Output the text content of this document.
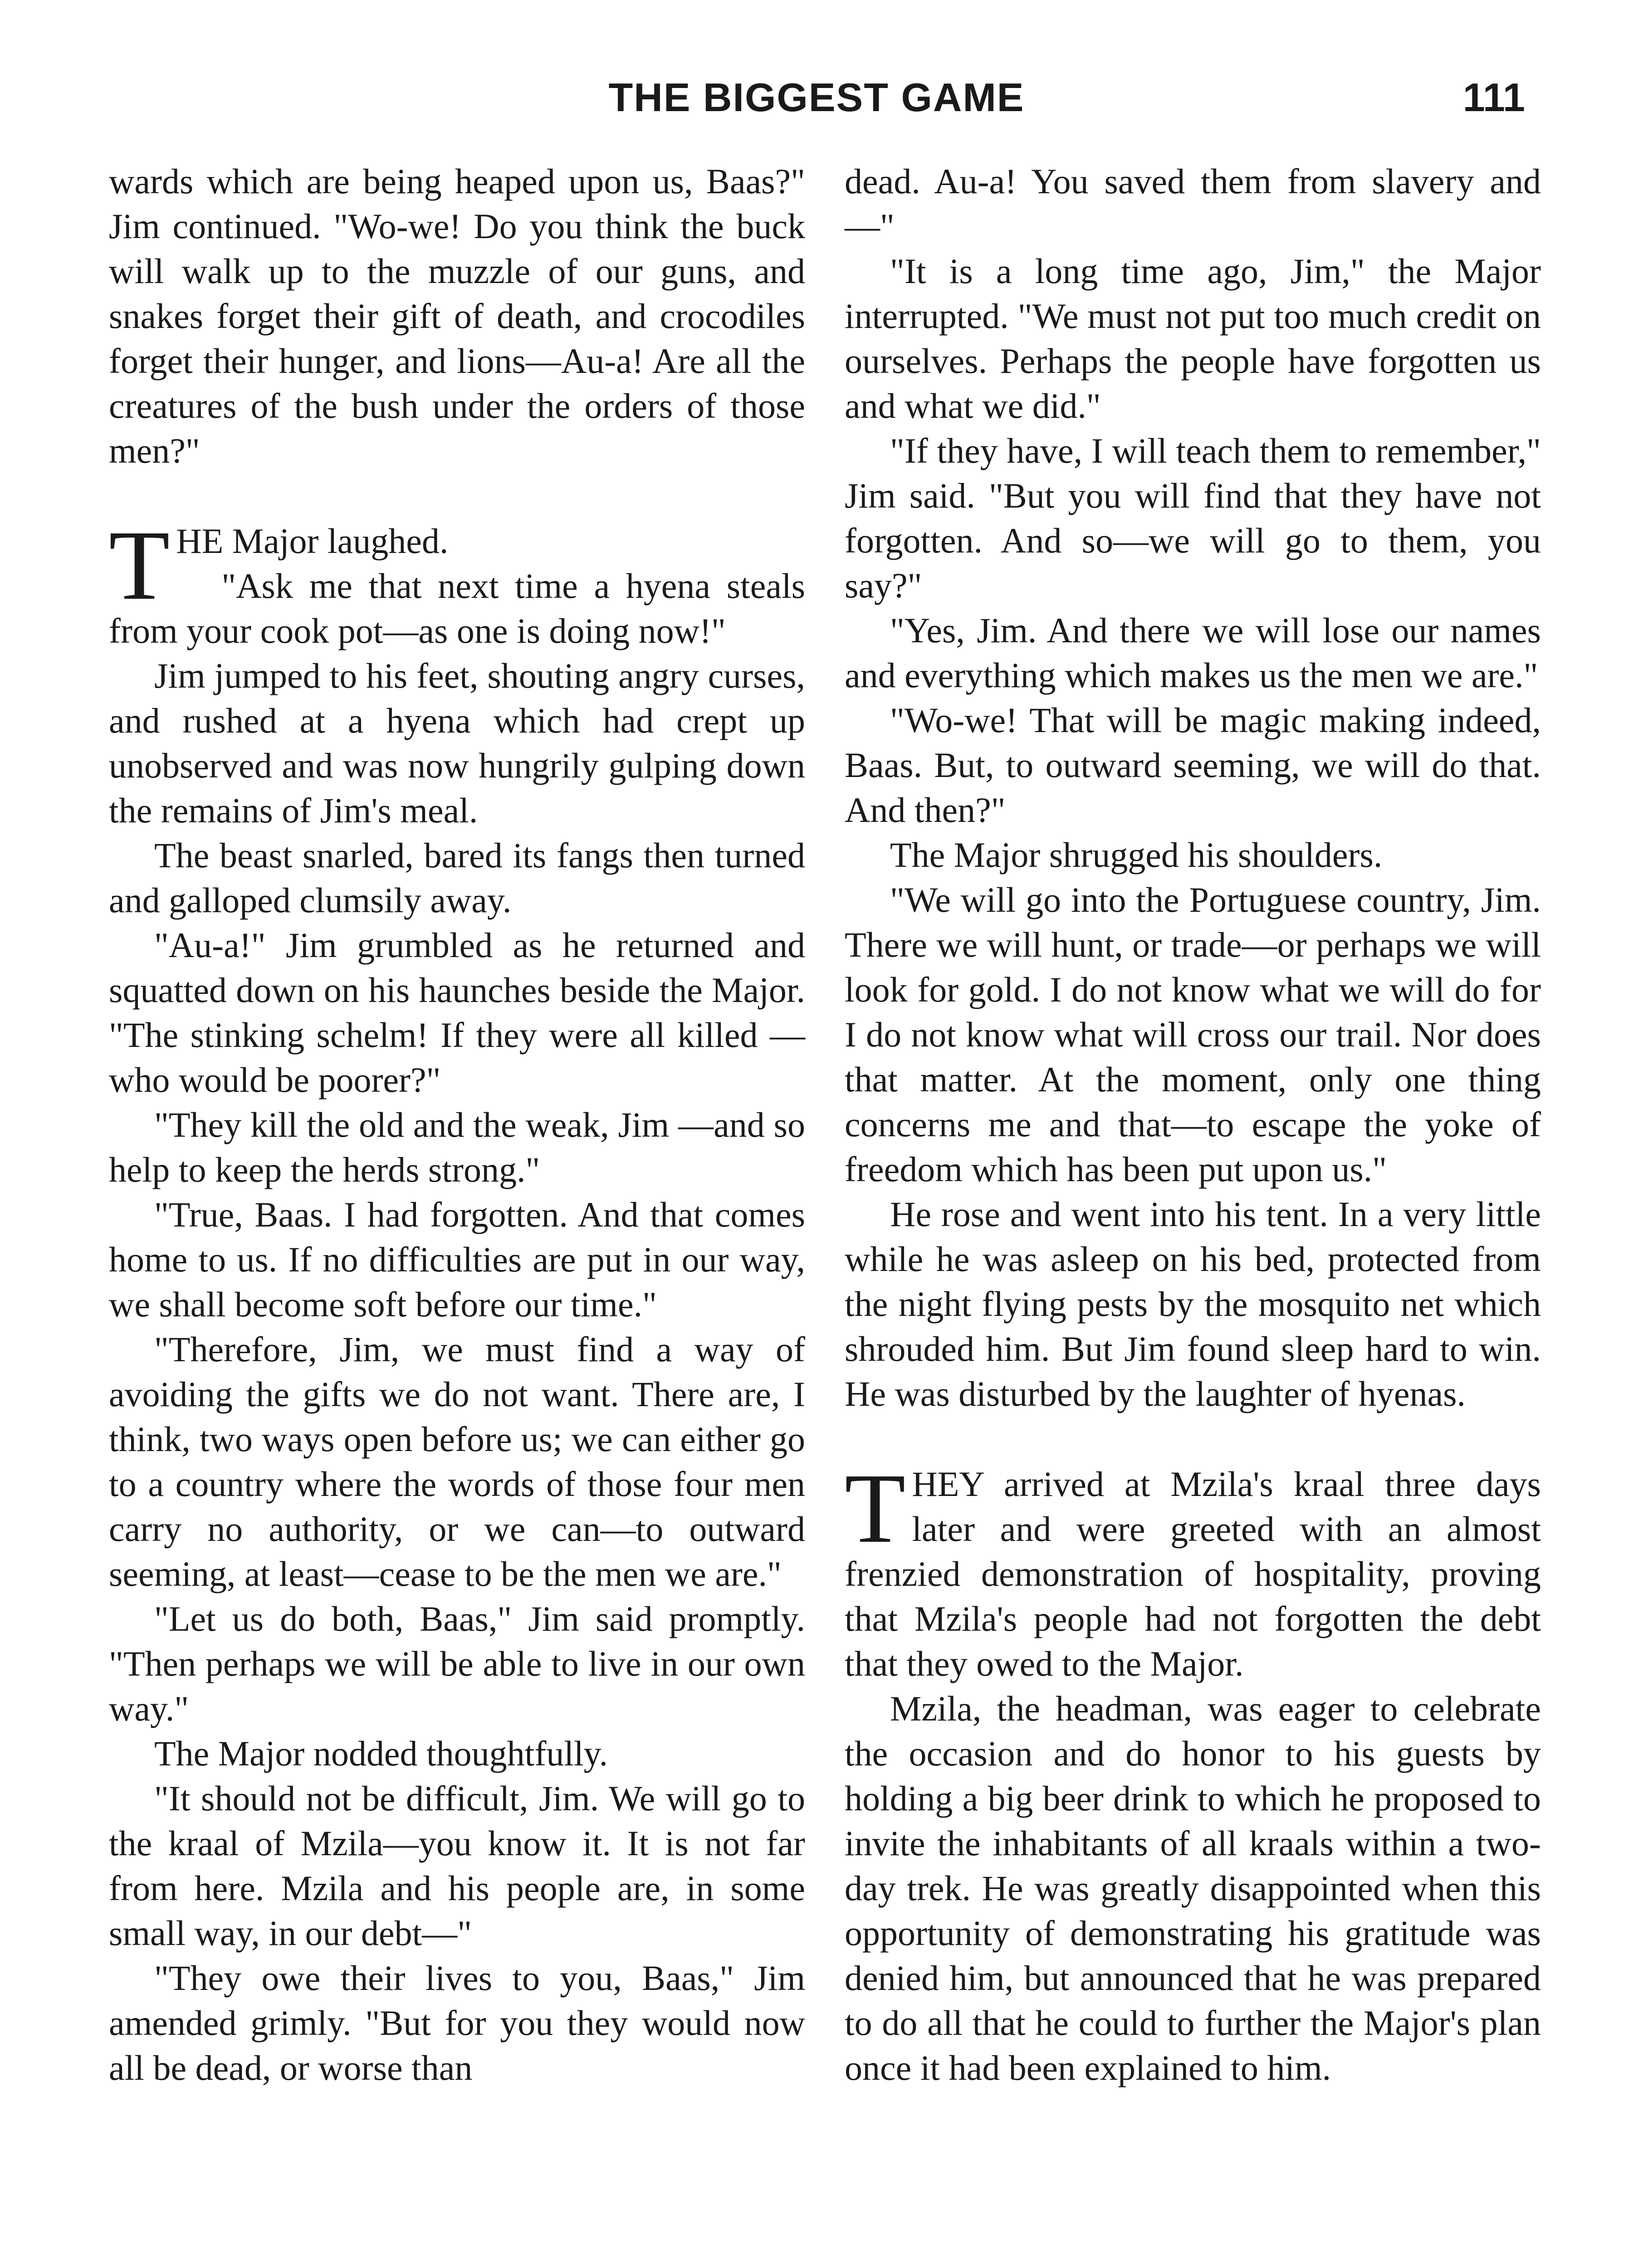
THE BIGGEST GAME	111

wards which are being heaped upon us, Baas?" Jim continued. "Wo-we! Do you think the buck will walk up to the muzzle of our guns, and snakes forget their gift of death, and crocodiles forget their hunger, and lions—Au-a! Are all the creatures of the bush under the orders of those men?"

THE Major laughed.

"Ask me that next time a hyena steals from your cook pot—as one is doing now!"

Jim jumped to his feet, shouting angry curses, and rushed at a hyena which had crept up unobserved and was now hungrily gulping down the remains of Jim's meal.

The beast snarled, bared its fangs then turned and galloped clumsily away.

"Au-a!" Jim grumbled as he returned and squatted down on his haunches beside the Major. "The stinking schelm! If they were all killed — who would be poorer?"

"They kill the old and the weak, Jim —and so help to keep the herds strong."

"True, Baas. I had forgotten. And that comes home to us. If no difficulties are put in our way, we shall become soft before our time."

"Therefore, Jim, we must find a way of avoiding the gifts we do not want. There are, I think, two ways open before us; we can either go to a country where the words of those four men carry no authority, or we can—to outward seeming, at least—cease to be the men we are."

"Let us do both, Baas," Jim said promptly. "Then perhaps we will be able to live in our own way."

The Major nodded thoughtfully.

"It should not be difficult, Jim. We will go to the kraal of Mzila—you know it. It is not far from here. Mzila and his people are, in some small way, in our debt—"

"They owe their lives to you, Baas," Jim amended grimly. "But for you they would now all be dead, or worse than

dead. Au-a! You saved them from slavery and—"

"It is a long time ago, Jim," the Major interrupted. "We must not put too much credit on ourselves. Perhaps the people have forgotten us and what we did."

"If they have, I will teach them to remember," Jim said. "But you will find that they have not forgotten. And so—we will go to them, you say?"

"Yes, Jim. And there we will lose our names and everything which makes us the men we are."

"Wo-we! That will be magic making indeed, Baas. But, to outward seeming, we will do that. And then?"

The Major shrugged his shoulders.

"We will go into the Portuguese country, Jim. There we will hunt, or trade—or perhaps we will look for gold. I do not know what we will do for I do not know what will cross our trail. Nor does that matter. At the moment, only one thing concerns me and that—to escape the yoke of freedom which has been put upon us."

He rose and went into his tent. In a very little while he was asleep on his bed, protected from the night flying pests by the mosquito net which shrouded him. But Jim found sleep hard to win. He was disturbed by the laughter of hyenas.

THEY arrived at Mzila's kraal three days later and were greeted with an almost frenzied demonstration of hospitality, proving that Mzila's people had not forgotten the debt that they owed to the Major.

Mzila, the headman, was eager to celebrate the occasion and do honor to his guests by holding a big beer drink to which he proposed to invite the inhabitants of all kraals within a two-day trek. He was greatly disappointed when this opportunity of demonstrating his gratitude was denied him, but announced that he was prepared to do all that he could to further the Major's plan once it had been explained to him.
